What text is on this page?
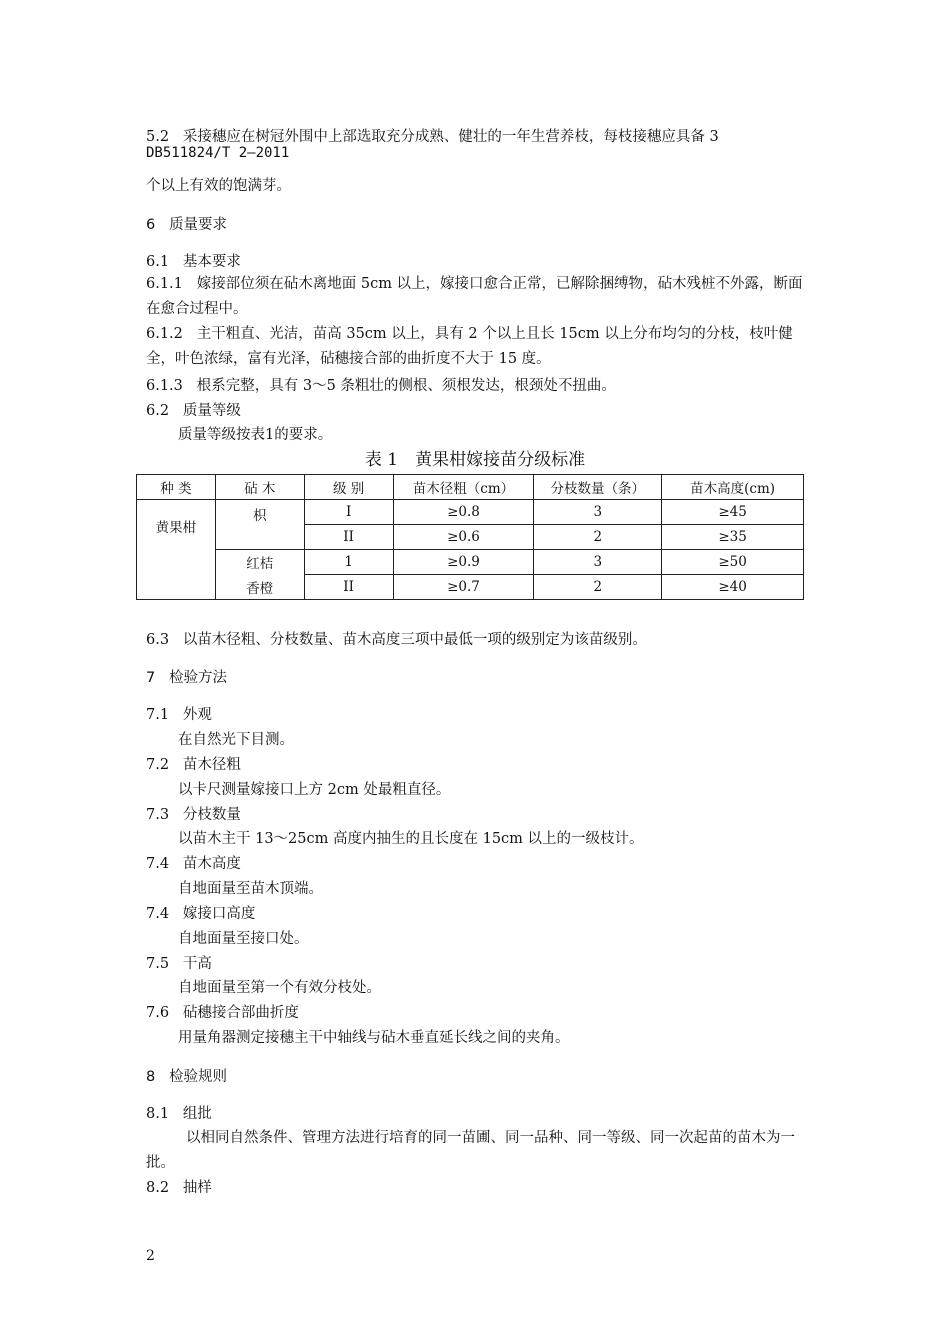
5.2 采接穗应在树冠外围中上部选取充分成熟、健壮的一年生营养枝，每枝接穗应具备 3
DB511824/T 2—2011
个以上有效的饱满芽。
6 质量要求
6.1 基本要求
6.1.1 嫁接部位须在砧木离地面 5cm 以上，嫁接口愈合正常，已解除捆缚物，砧木残桩不外露，断面在愈合过程中。
6.1.2 主干粗直、光洁，苗高 35cm 以上，具有 2 个以上且长 15cm 以上分布均匀的分枝，枝叶健全，叶色浓绿，富有光泽，砧穗接合部的曲折度不大于 15 度。
6.1.3 根系完整，具有 3～5 条粗壮的侧根、须根发达，根颈处不扭曲。
6.2 质量等级
质量等级按表1的要求。
表 1　黄果柑嫁接苗分级标准
种 类	砧 木	级 别	苗木径粗（cm）	分枝数量（条）	苗木高度(cm)
黄果柑	枳	I	≥0.8	3	≥45
		II	≥0.6	2	≥35
	红桔	1	≥0.9	3	≥50
	香橙	II	≥0.7	2	≥40
6.3 以苗木径粗、分枝数量、苗木高度三项中最低一项的级别定为该苗级别。
7 检验方法
7.1 外观
在自然光下目测。
7.2 苗木径粗
以卡尺测量嫁接口上方 2cm 处最粗直径。
7.3 分枝数量
以苗木主干 13～25cm 高度内抽生的且长度在 15cm 以上的一级枝计。
7.4 苗木高度
自地面量至苗木顶端。
7.4 嫁接口高度
自地面量至接口处。
7.5 干高
自地面量至第一个有效分枝处。
7.6 砧穗接合部曲折度
用量角器测定接穗主干中轴线与砧木垂直延长线之间的夹角。
8 检验规则
8.1 组批
以相同自然条件、管理方法进行培育的同一苗圃、同一品种、同一等级、同一次起苗的苗木为一批。
8.2 抽样
2
